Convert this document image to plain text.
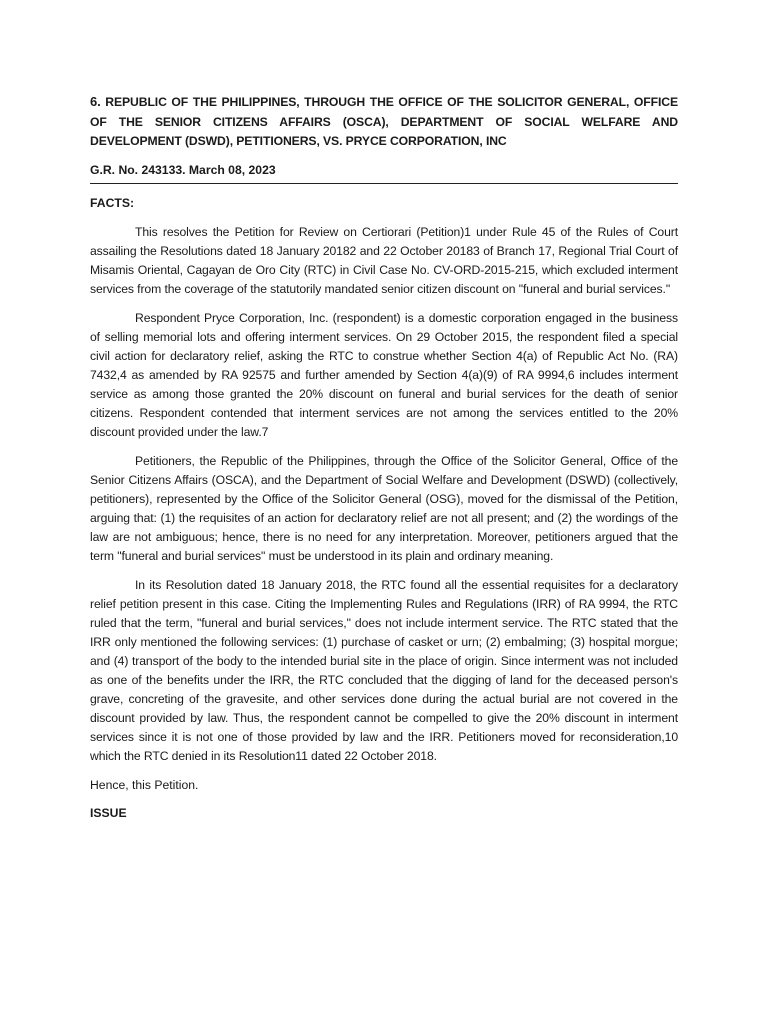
6. REPUBLIC OF THE PHILIPPINES, THROUGH THE OFFICE OF THE SOLICITOR GENERAL, OFFICE OF THE SENIOR CITIZENS AFFAIRS (OSCA), DEPARTMENT OF SOCIAL WELFARE AND DEVELOPMENT (DSWD), PETITIONERS, VS. PRYCE CORPORATION, INC

G.R. No. 243133. March 08, 2023

FACTS:

This resolves the Petition for Review on Certiorari (Petition)1 under Rule 45 of the Rules of Court assailing the Resolutions dated 18 January 20182 and 22 October 20183 of Branch 17, Regional Trial Court of Misamis Oriental, Cagayan de Oro City (RTC) in Civil Case No. CV-ORD-2015-215, which excluded interment services from the coverage of the statutorily mandated senior citizen discount on "funeral and burial services."

Respondent Pryce Corporation, Inc. (respondent) is a domestic corporation engaged in the business of selling memorial lots and offering interment services. On 29 October 2015, the respondent filed a special civil action for declaratory relief, asking the RTC to construe whether Section 4(a) of Republic Act No. (RA) 7432,4 as amended by RA 92575 and further amended by Section 4(a)(9) of RA 9994,6 includes interment service as among those granted the 20% discount on funeral and burial services for the death of senior citizens. Respondent contended that interment services are not among the services entitled to the 20% discount provided under the law.7

Petitioners, the Republic of the Philippines, through the Office of the Solicitor General, Office of the Senior Citizens Affairs (OSCA), and the Department of Social Welfare and Development (DSWD) (collectively, petitioners), represented by the Office of the Solicitor General (OSG), moved for the dismissal of the Petition, arguing that: (1) the requisites of an action for declaratory relief are not all present; and (2) the wordings of the law are not ambiguous; hence, there is no need for any interpretation. Moreover, petitioners argued that the term "funeral and burial services" must be understood in its plain and ordinary meaning.

In its Resolution dated 18 January 2018, the RTC found all the essential requisites for a declaratory relief petition present in this case. Citing the Implementing Rules and Regulations (IRR) of RA 9994, the RTC ruled that the term, "funeral and burial services," does not include interment service. The RTC stated that the IRR only mentioned the following services: (1) purchase of casket or urn; (2) embalming; (3) hospital morgue; and (4) transport of the body to the intended burial site in the place of origin. Since interment was not included as one of the benefits under the IRR, the RTC concluded that the digging of land for the deceased person's grave, concreting of the gravesite, and other services done during the actual burial are not covered in the discount provided by law. Thus, the respondent cannot be compelled to give the 20% discount in interment services since it is not one of those provided by law and the IRR. Petitioners moved for reconsideration,10 which the RTC denied in its Resolution11 dated 22 October 2018.

Hence, this Petition.

ISSUE
